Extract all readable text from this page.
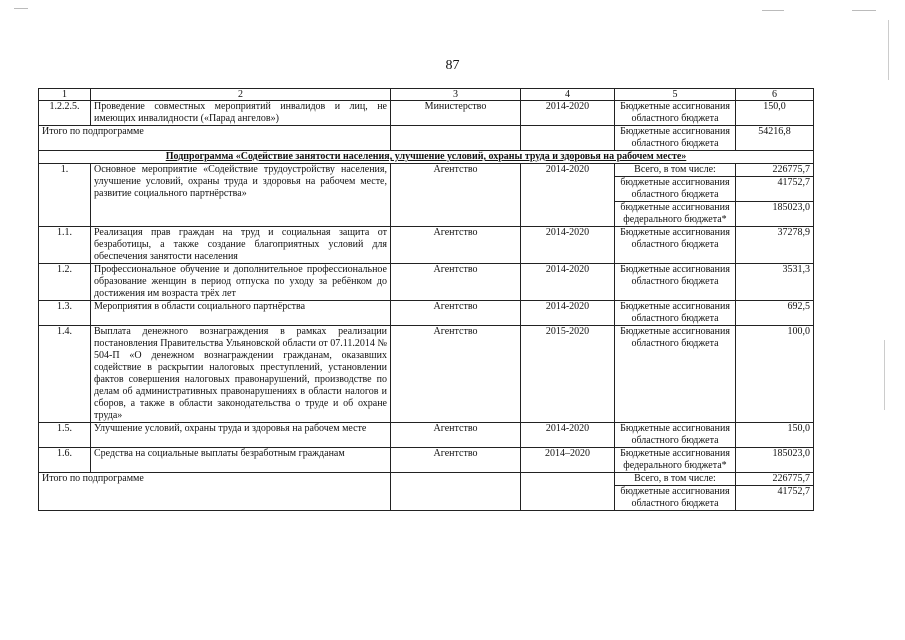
87
1	2	3	4	5	6
1.2.2.5.	Проведение совместных мероприятий инвалидов и лиц, не имеющих инвалидности («Парад ангелов»)	Министерство	2014-2020	Бюджетные ассигнования областного бюджета	150,0
Итого по подпрограмме				Бюджетные ассигнования областного бюджета	54216,8
Подпрограмма «Содействие занятости населения, улучшение условий, охраны труда и здоровья на рабочем месте»					
1.	Основное мероприятие «Содействие трудоустройству населения, улучшение условий, охраны труда и здоровья на рабочем месте, развитие социального партнёрства»	Агентство	2014-2020	Всего, в том числе:	226775,7
				бюджетные ассигнования областного бюджета	41752,7
				бюджетные ассигнования федерального бюджета*	185023,0
1.1.	Реализация прав граждан на труд и социальная защита от безработицы, а также создание благоприятных условий для обеспечения занятости населения	Агентство	2014-2020	Бюджетные ассигнования областного бюджета	37278,9
1.2.	Профессиональное обучение и дополнительное профессиональное образование женщин в период отпуска по уходу за ребёнком до достижения им возраста трёх лет	Агентство	2014-2020	Бюджетные ассигнования областного бюджета	3531,3
1.3.	Мероприятия в области социального партнёрства	Агентство	2014-2020	Бюджетные ассигнования областного бюджета	692,5
1.4.	Выплата денежного вознаграждения в рамках реализации постановления Правительства Ульяновской области от 07.11.2014 № 504-П «О денежном вознаграждении гражданам, оказавших содействие в раскрытии налоговых преступлений, установлении фактов совершения налоговых правонарушений, производстве по делам об административных правонарушениях в области налогов и сборов, а также в области законодательства о труде и об охране труда»	Агентство	2015-2020	Бюджетные ассигнования областного бюджета	100,0
1.5.	Улучшение условий, охраны труда и здоровья на рабочем месте	Агентство	2014-2020	Бюджетные ассигнования областного бюджета	150,0
1.6.	Средства на социальные выплаты безработным гражданам	Агентство	2014–2020	Бюджетные ассигнования федерального бюджета*	185023,0
Итого по подпрограмме				Всего, в том числе:	226775,7
				бюджетные ассигнования областного бюджета	41752,7
